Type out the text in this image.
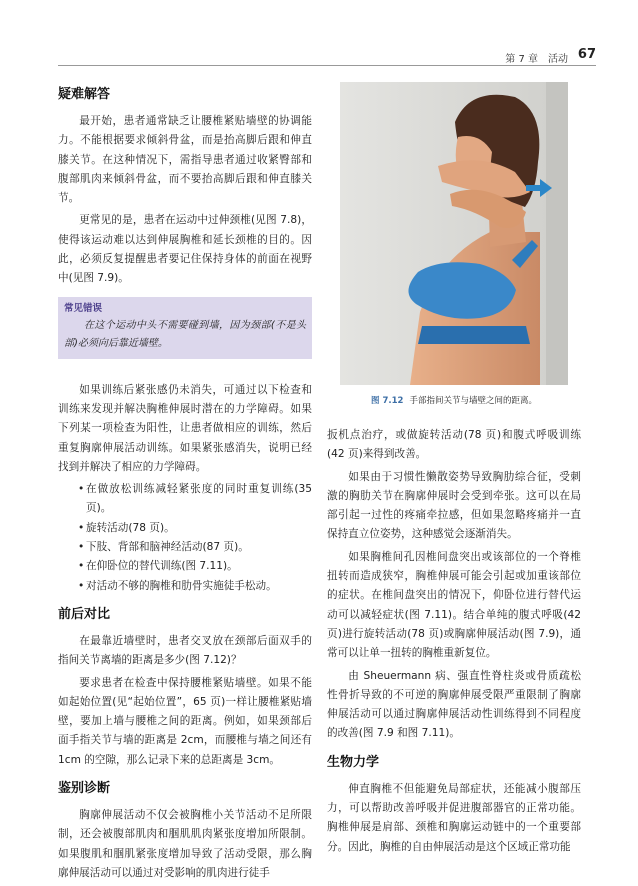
第 7 章　活动 67
疑难解答

最开始，患者通常缺乏让腰椎紧贴墙壁的协调能力。不能根据要求倾斜骨盆，而是抬高脚后跟和伸直膝关节。在这种情况下，需指导患者通过收紧臀部和腹部肌肉来倾斜骨盆，而不要抬高脚后跟和伸直膝关节。

更常见的是，患者在运动中过伸颈椎(见图 7.8)，使得该运动难以达到伸展胸椎和延长颈椎的目的。因此，必须反复提醒患者要记住保持身体的前面在视野中(见图 7.9)。

常见错误

在这个运动中头不需要碰到墙，因为颈部(不是头部)必须向后靠近墙壁。

如果训练后紧张感仍未消失，可通过以下检查和训练来发现并解决胸椎伸展时潜在的力学障碍。如果下列某一项检查为阳性，让患者做相应的训练，然后重复胸廓伸展活动训练。如果紧张感消失，说明已经找到并解决了相应的力学障碍。

• 在做放松训练减轻紧张度的同时重复训练(35 页)。
• 旋转活动(78 页)。
• 下肢、背部和脑神经活动(87 页)。
• 在仰卧位的替代训练(图 7.11)。
• 对活动不够的胸椎和肋骨实施徒手松动。
前后对比

在最靠近墙壁时，患者交叉放在颈部后面双手的指间关节离墙的距离是多少(图 7.12)？

要求患者在检查中保持腰椎紧贴墙壁。如果不能如起始位置(见“起始位置”，65 页)一样让腰椎紧贴墙壁，要加上墙与腰椎之间的距离。例如，如果颈部后面手指关节与墙的距离是 2cm，而腰椎与墙之间还有 1cm 的空隙，那么记录下来的总距离是 3cm。

鉴别诊断

胸廓伸展活动不仅会被胸椎小关节活动不足所限制，还会被腹部肌肉和腘肌肌肉紧张度增加所限制。如果腹肌和腘肌紧张度增加导致了活动受限，那么胸廓伸展活动可以通过对受影响的肌肉进行徒手

图 7.12 手部指间关节与墙壁之间的距离。

扳机点治疗，或做旋转活动(78 页)和腹式呼吸训练(42 页)来得到改善。

如果由于习惯性懒散姿势导致胸肋综合征，受刺激的胸肋关节在胸廓伸展时会受到牵张。这可以在局部引起一过性的疼痛牵拉感，但如果忽略疼痛并一直保持直立位姿势，这种感觉会逐渐消失。

如果胸椎间孔因椎间盘突出或该部位的一个脊椎扭转而造成狭窄，胸椎伸展可能会引起或加重该部位的症状。在椎间盘突出的情况下，仰卧位进行替代运动可以减轻症状(图 7.11)。结合单纯的腹式呼吸(42 页)进行旋转活动(78 页)或胸廓伸展活动(图 7.9)，通常可以让单一扭转的胸椎重新复位。

由 Sheuermann 病、强直性脊柱炎或骨质疏松性骨折导致的不可逆的胸廓伸展受限严重限制了胸廓伸展活动可以通过胸廓伸展活动性训练得到不同程度的改善(图 7.9 和图 7.11)。

生物力学

伸直胸椎不但能避免局部症状，还能减小腹部压力，可以帮助改善呼吸并促进腹部器官的正常功能。胸椎伸展是肩部、颈椎和胸廓运动链中的一个重要部分。因此，胸椎的自由伸展活动是这个区域正常功能
